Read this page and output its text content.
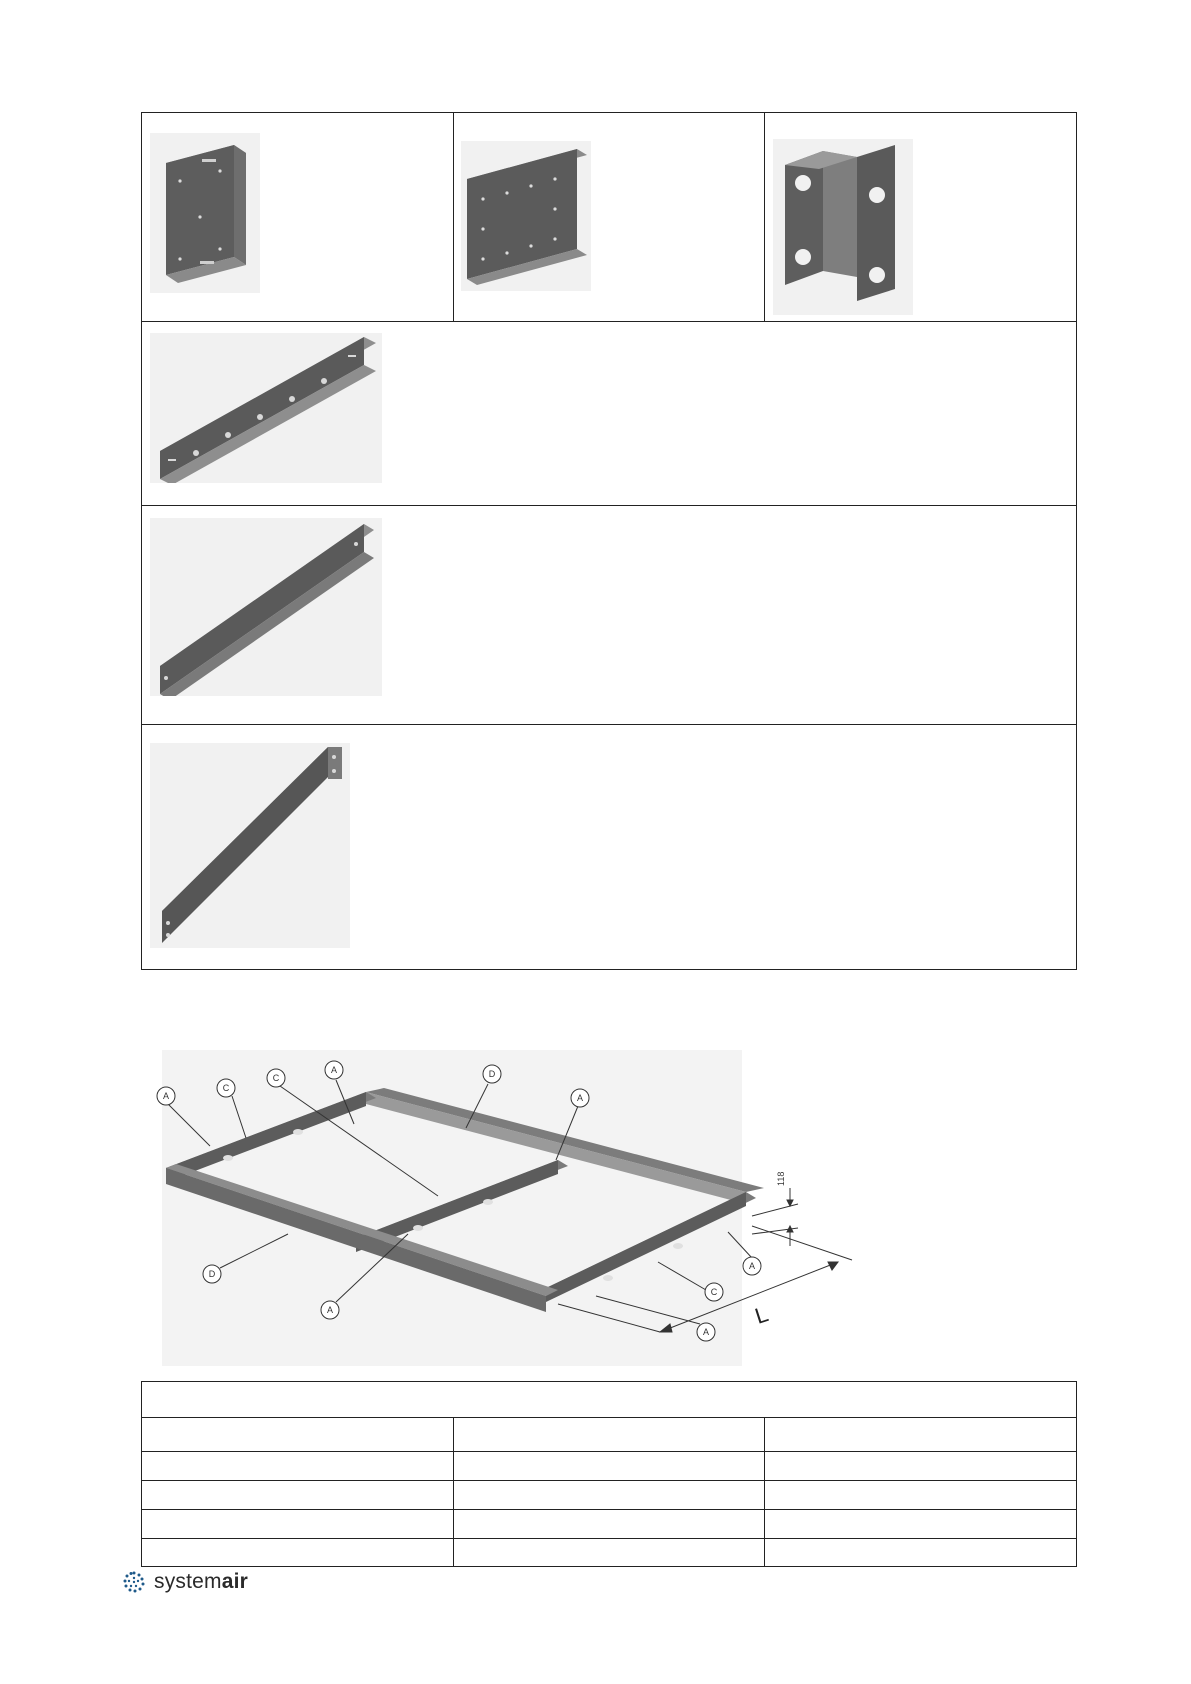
A
C
C
A	D
A
D
A
A
C
A
118
L
systemair
